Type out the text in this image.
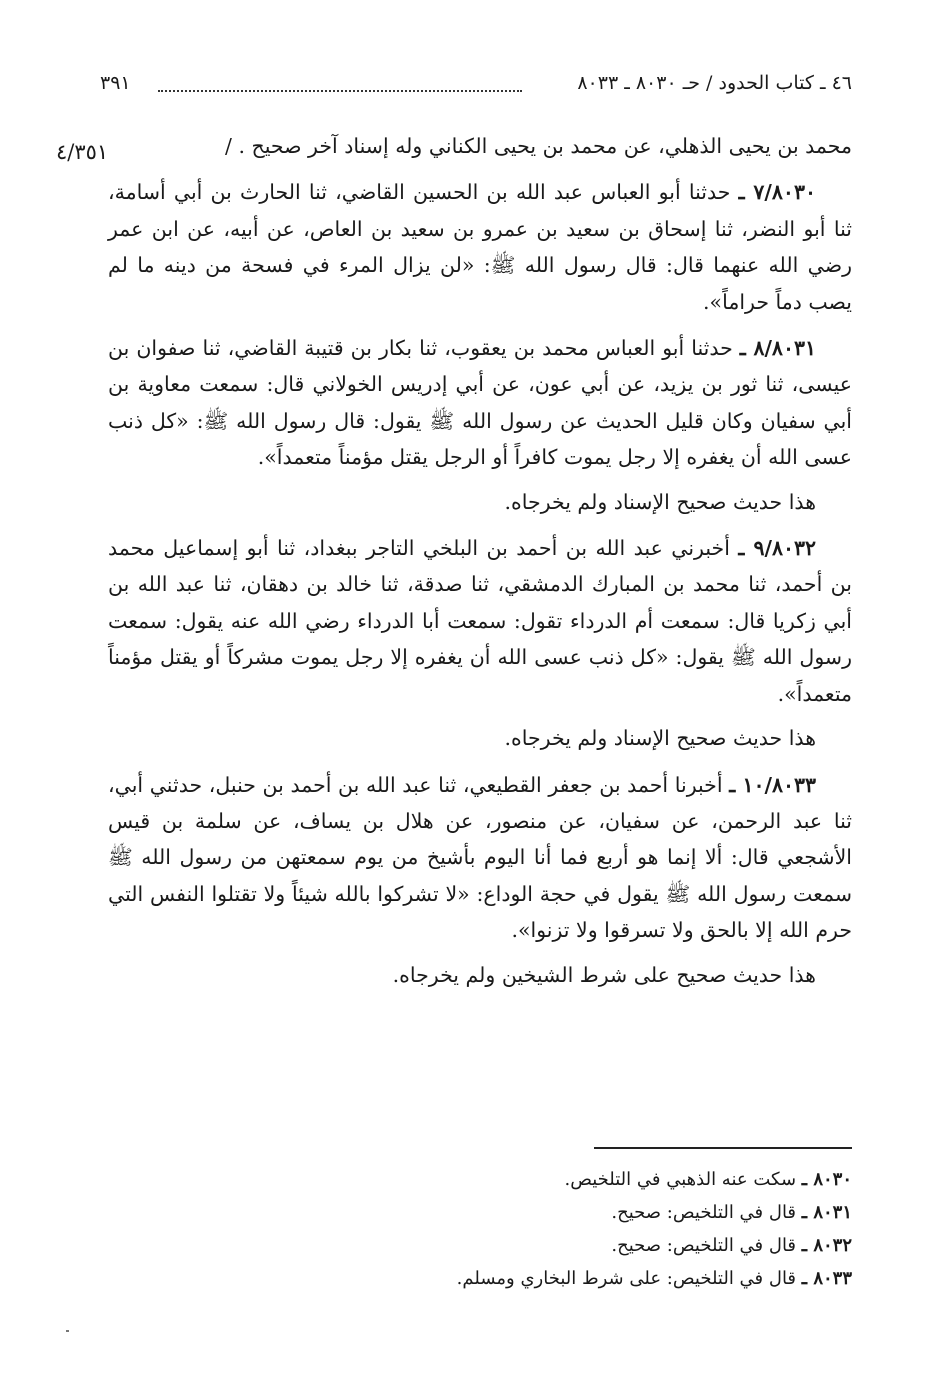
٤٦ ـ كتاب الحدود / حـ ٨٠٣٠ ـ ٨٠٣٣
٣٩١
٤/٣٥١	محمد بن يحيى الذهلي، عن محمد بن يحيى الكناني وله إسناد آخر صحيح . /

٧/٨٠٣٠ ـ حدثنا أبو العباس عبد الله بن الحسين القاضي، ثنا الحارث بن أبي أسامة، ثنا أبو النضر، ثنا إسحاق بن سعيد بن عمرو بن سعيد بن العاص، عن أبيه، عن ابن عمر رضي الله عنهما قال: قال رسول الله ﷺ: «لن يزال المرء في فسحة من دينه ما لم يصب دماً حراماً».

٨/٨٠٣١ ـ حدثنا أبو العباس محمد بن يعقوب، ثنا بكار بن قتيبة القاضي، ثنا صفوان بن عيسى، ثنا ثور بن يزيد، عن أبي عون، عن أبي إدريس الخولاني قال: سمعت معاوية بن أبي سفيان وكان قليل الحديث عن رسول الله ﷺ يقول: قال رسول الله ﷺ: «كل ذنب عسى الله أن يغفره إلا رجل يموت كافراً أو الرجل يقتل مؤمناً متعمداً».

هذا حديث صحيح الإسناد ولم يخرجاه.

٩/٨٠٣٢ ـ أخبرني عبد الله بن أحمد بن البلخي التاجر ببغداد، ثنا أبو إسماعيل محمد بن أحمد، ثنا محمد بن المبارك الدمشقي، ثنا صدقة، ثنا خالد بن دهقان، ثنا عبد الله بن أبي زكريا قال: سمعت أم الدرداء تقول: سمعت أبا الدرداء رضي الله عنه يقول: سمعت رسول الله ﷺ يقول: «كل ذنب عسى الله أن يغفره إلا رجل يموت مشركاً أو يقتل مؤمناً متعمداً».

هذا حديث صحيح الإسناد ولم يخرجاه.

١٠/٨٠٣٣ ـ أخبرنا أحمد بن جعفر القطيعي، ثنا عبد الله بن أحمد بن حنبل، حدثني أبي، ثنا عبد الرحمن، عن سفيان، عن منصور، عن هلال بن يساف، عن سلمة بن قيس الأشجعي قال: ألا إنما هو أربع فما أنا اليوم بأشيخ من يوم سمعتهن من رسول الله ﷺ سمعت رسول الله ﷺ يقول في حجة الوداع: «لا تشركوا بالله شيئاً ولا تقتلوا النفس التي حرم الله إلا بالحق ولا تسرقوا ولا تزنوا».

هذا حديث صحيح على شرط الشيخين ولم يخرجاه.

٨٠٣٠ ـ سكت عنه الذهبي في التلخيص.

٨٠٣١ ـ قال في التلخيص: صحيح.

٨٠٣٢ ـ قال في التلخيص: صحيح.

٨٠٣٣ ـ قال في التلخيص: على شرط البخاري ومسلم.
